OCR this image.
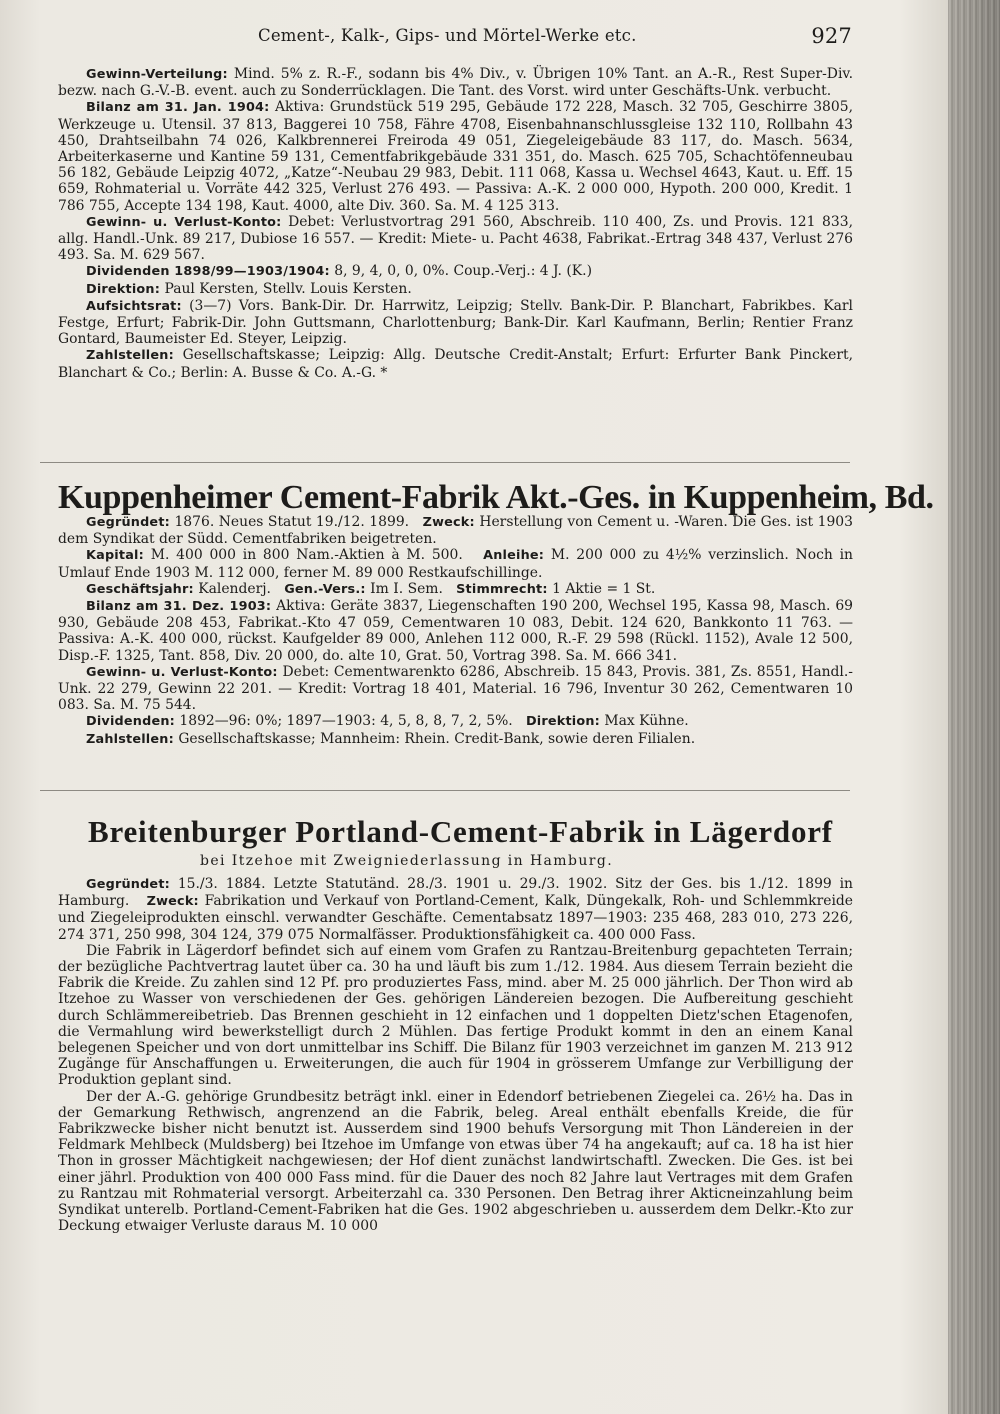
Cement-, Kalk-, Gips- und Mörtel-Werke etc.	927

Gewinn-Verteilung: Mind. 5% z. R.-F., sodann bis 4% Div., v. Übrigen 10% Tant. an A.-R., Rest Super-Div. bezw. nach G.-V.-B. event. auch zu Sonderrücklagen. Die Tant. des Vorst. wird unter Geschäfts-Unk. verbucht.

Bilanz am 31. Jan. 1904: Aktiva: Grundstück 519 295, Gebäude 172 228, Masch. 32 705, Geschirre 3805, Werkzeuge u. Utensil. 37 813, Baggerei 10 758, Fähre 4708, Eisenbahnanschlussgleise 132 110, Rollbahn 43 450, Drahtseilbahn 74 026, Kalkbrennerei Freiroda 49 051, Ziegeleigebäude 83 117, do. Masch. 5634, Arbeiterkaserne und Kantine 59 131, Cementfabrikgebäude 331 351, do. Masch. 625 705, Schachtöfenneubau 56 182, Gebäude Leipzig 4072, „Katze“-Neubau 29 983, Debit. 111 068, Kassa u. Wechsel 4643, Kaut. u. Eff. 15 659, Rohmaterial u. Vorräte 442 325, Verlust 276 493. — Passiva: A.-K. 2 000 000, Hypoth. 200 000, Kredit. 1 786 755, Accepte 134 198, Kaut. 4000, alte Div. 360. Sa. M. 4 125 313.

Gewinn- u. Verlust-Konto: Debet: Verlustvortrag 291 560, Abschreib. 110 400, Zs. und Provis. 121 833, allg. Handl.-Unk. 89 217, Dubiose 16 557. — Kredit: Miete- u. Pacht 4638, Fabrikat.-Ertrag 348 437, Verlust 276 493. Sa. M. 629 567.

Dividenden 1898/99—1903/1904: 8, 9, 4, 0, 0, 0%. Coup.-Verj.: 4 J. (K.)

Direktion: Paul Kersten, Stellv. Louis Kersten.

Aufsichtsrat: (3—7) Vors. Bank-Dir. Dr. Harrwitz, Leipzig; Stellv. Bank-Dir. P. Blanchart, Fabrikbes. Karl Festge, Erfurt; Fabrik-Dir. John Guttsmann, Charlottenburg; Bank-Dir. Karl Kaufmann, Berlin; Rentier Franz Gontard, Baumeister Ed. Steyer, Leipzig.

Zahlstellen: Gesellschaftskasse; Leipzig: Allg. Deutsche Credit-Anstalt; Erfurt: Erfurter Bank Pinckert, Blanchart & Co.; Berlin: A. Busse & Co. A.-G. *

Kuppenheimer Cement-Fabrik Akt.-Ges. in Kuppenheim, Bd.

Gegründet: 1876. Neues Statut 19./12. 1899. Zweck: Herstellung von Cement u. -Waren. Die Ges. ist 1903 dem Syndikat der Südd. Cementfabriken beigetreten.

Kapital: M. 400 000 in 800 Nam.-Aktien à M. 500. Anleihe: M. 200 000 zu 4½% verzinslich. Noch in Umlauf Ende 1903 M. 112 000, ferner M. 89 000 Restkaufschillinge.

Geschäftsjahr: Kalenderj. Gen.-Vers.: Im I. Sem. Stimmrecht: 1 Aktie = 1 St.

Bilanz am 31. Dez. 1903: Aktiva: Geräte 3837, Liegenschaften 190 200, Wechsel 195, Kassa 98, Masch. 69 930, Gebäude 208 453, Fabrikat.-Kto 47 059, Cementwaren 10 083, Debit. 124 620, Bankkonto 11 763. — Passiva: A.-K. 400 000, rückst. Kaufgelder 89 000, Anlehen 112 000, R.-F. 29 598 (Rückl. 1152), Avale 12 500, Disp.-F. 1325, Tant. 858, Div. 20 000, do. alte 10, Grat. 50, Vortrag 398. Sa. M. 666 341.

Gewinn- u. Verlust-Konto: Debet: Cementwarenkto 6286, Abschreib. 15 843, Provis. 381, Zs. 8551, Handl.-Unk. 22 279, Gewinn 22 201. — Kredit: Vortrag 18 401, Material. 16 796, Inventur 30 262, Cementwaren 10 083. Sa. M. 75 544.

Dividenden: 1892—96: 0%; 1897—1903: 4, 5, 8, 8, 7, 2, 5%. Direktion: Max Kühne.

Zahlstellen: Gesellschaftskasse; Mannheim: Rhein. Credit-Bank, sowie deren Filialen.

Breitenburger Portland-Cement-Fabrik in Lägerdorf
bei Itzehoe mit Zweigniederlassung in Hamburg.

Gegründet: 15./3. 1884. Letzte Statutänd. 28./3. 1901 u. 29./3. 1902. Sitz der Ges. bis 1./12. 1899 in Hamburg. Zweck: Fabrikation und Verkauf von Portland-Cement, Kalk, Düngekalk, Roh- und Schlemmkreide und Ziegeleiprodukten einschl. verwandter Geschäfte. Cementabsatz 1897—1903: 235 468, 283 010, 273 226, 274 371, 250 998, 304 124, 379 075 Normalfässer. Produktionsfähigkeit ca. 400 000 Fass.

Die Fabrik in Lägerdorf befindet sich auf einem vom Grafen zu Rantzau-Breitenburg gepachteten Terrain; der bezügliche Pachtvertrag lautet über ca. 30 ha und läuft bis zum 1./12. 1984. Aus diesem Terrain bezieht die Fabrik die Kreide. Zu zahlen sind 12 Pf. pro produziertes Fass, mind. aber M. 25 000 jährlich. Der Thon wird ab Itzehoe zu Wasser von verschiedenen der Ges. gehörigen Ländereien bezogen. Die Aufbereitung geschieht durch Schlämmereibetrieb. Das Brennen geschieht in 12 einfachen und 1 doppelten Dietz'schen Etagenofen, die Vermahlung wird bewerkstelligt durch 2 Mühlen. Das fertige Produkt kommt in den an einem Kanal belegenen Speicher und von dort unmittelbar ins Schiff. Die Bilanz für 1903 verzeichnet im ganzen M. 213 912 Zugänge für Anschaffungen u. Erweiterungen, die auch für 1904 in grösserem Umfange zur Verbilligung der Produktion geplant sind.

Der der A.-G. gehörige Grundbesitz beträgt inkl. einer in Edendorf betriebenen Ziegelei ca. 26½ ha. Das in der Gemarkung Rethwisch, angrenzend an die Fabrik, beleg. Areal enthält ebenfalls Kreide, die für Fabrikzwecke bisher nicht benutzt ist. Ausserdem sind 1900 behufs Versorgung mit Thon Ländereien in der Feldmark Mehlbeck (Muldsberg) bei Itzehoe im Umfange von etwas über 74 ha angekauft; auf ca. 18 ha ist hier Thon in grosser Mächtigkeit nachgewiesen; der Hof dient zunächst landwirtschaftl. Zwecken. Die Ges. ist bei einer jährl. Produktion von 400 000 Fass mind. für die Dauer des noch 82 Jahre laut Vertrages mit dem Grafen zu Rantzau mit Rohmaterial versorgt. Arbeiterzahl ca. 330 Personen. Den Betrag ihrer Akticneinzahlung beim Syndikat unterelb. Portland-Cement-Fabriken hat die Ges. 1902 abgeschrieben u. ausserdem dem Delkr.-Kto zur Deckung etwaiger Verluste daraus M. 10 000
